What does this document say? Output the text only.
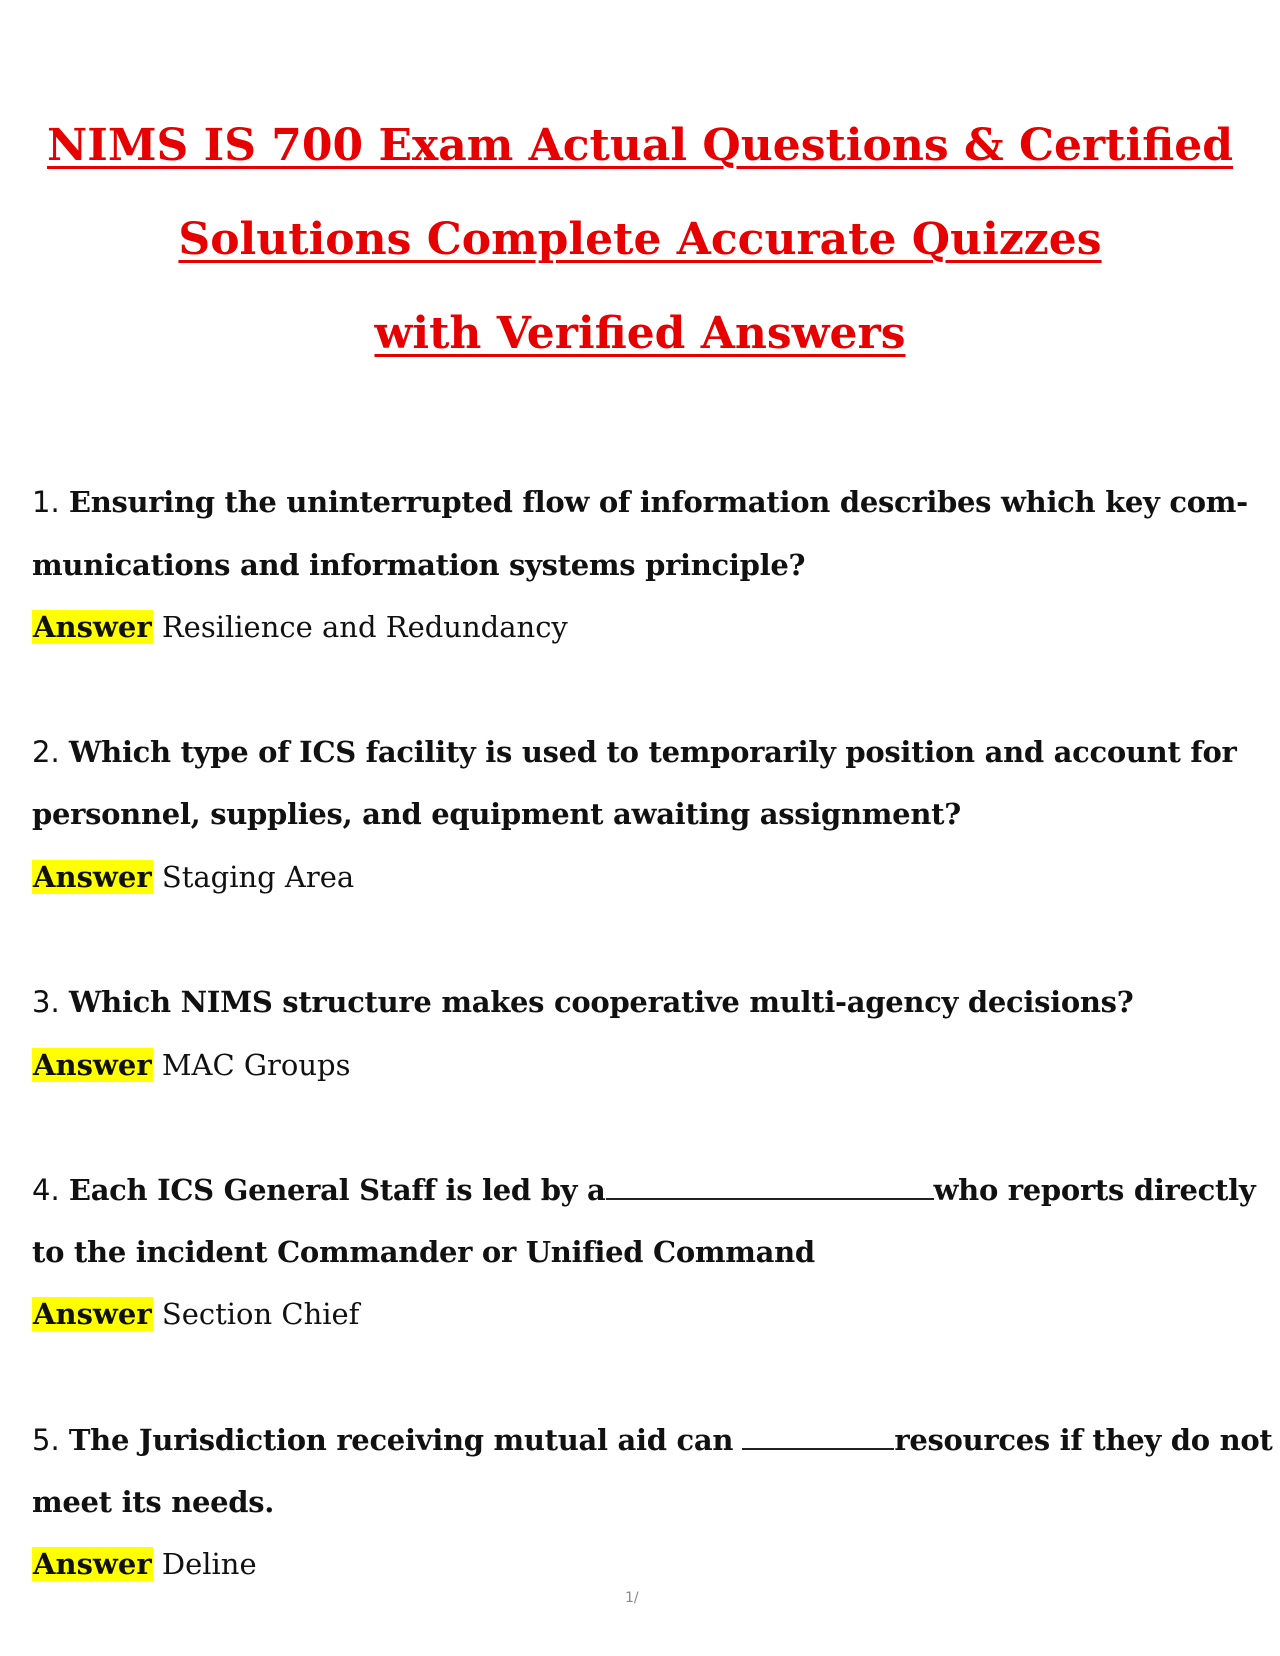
NIMS IS 700 Exam Actual Questions & Certified
Solutions Complete Accurate Quizzes
with Verified Answers
1. Ensuring the uninterrupted flow of information describes which key com-
munications and information systems principle?
Answer Resilience and Redundancy
2. Which type of ICS facility is used to temporarily position and account for
personnel, supplies, and equipment awaiting assignment?
Answer Staging Area
3. Which NIMS structure makes cooperative multi-agency decisions?
Answer MAC Groups
4. Each ICS General Staff is led by a	who reports directly
to the incident Commander or Unified Command
Answer Section Chief
5. The Jurisdiction receiving mutual aid can	resources if they do not
meet its needs.
Answer Deline
1/
